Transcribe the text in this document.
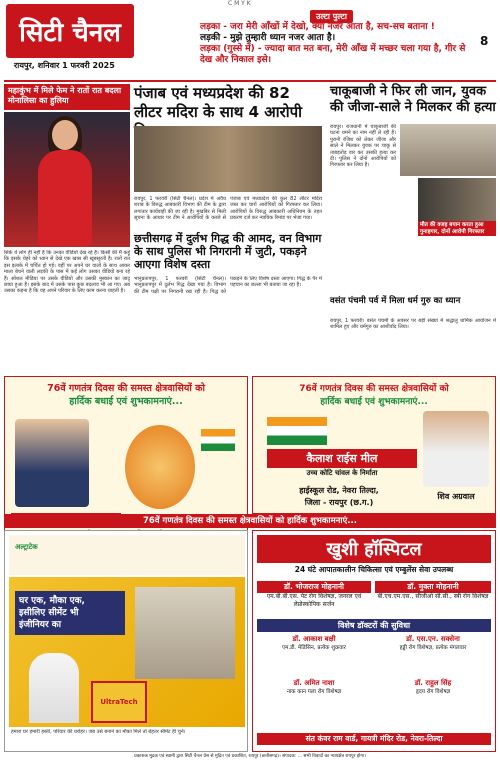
C M Y K
सिटी चैनल
रायपुर, शनिवार 1 फरवरी 2025
उल्टा पुल्टा
लड़का - जरा मेरी आँखों में देखो, क्या नजर आता है, सच-सच बताना !
लड़की - मुझे तुम्हारी ध्यान नजर आता है।
लड़का (गुस्से में) - ज्यादा बात मत बना, मेरी आँख में मच्छर चला गया है, गीर से देख और निकाल इसे।
8
महाकुंभ में मिले फेम ने रातों रात बदला मोनालिसा का हुलिया
सिर्फ़ ये लोग ही नहीं है कि उनका वीडियो देख रहे हैं। किसी की मैं कहूं कि इसके चेहरे को ध्यान से देखे एक खास सी खूबसूरती है। रातों रात इस इलाके में चर्चित हो गई। वहीं पर अपने घर वालों के साथ आकर माला बेचने वाली लड़की के पास में कई लोग उसका वीडियो बना रहे हैं। सोशल मीडिया पर उसके वीडियो और उसकी मुस्कान का जादू छाया हुआ है। इसके बाद में उसके पास कुछ बदलाव भी आ गए। अब उसका कहना है कि वह अपने परिवार के लिए काम करना चाहती है।
पंजाब एवं मध्यप्रदेश की 82 लीटर मदिरा के साथ 4 आरोपी
रायपुर, 1 फरवरी (सिटी चैनल)। प्रदेश में अवैध शराब के विरुद्ध आबकारी विभाग की टीम के द्वारा लगातार कार्यवाही की जा रही है। मुखबिर से मिली सूचना के आधार पर टीम ने आरोपियों के कब्जे से पंजाब एवं मध्यप्रदेश की कुल 82 लीटर मदिरा जब्त कर चारों आरोपियों को गिरफ्तार कर लिया। आरोपियों के विरुद्ध आबकारी अधिनियम के तहत प्रकरण दर्ज कर न्यायिक रिमांड पर भेजा गया।
छत्तीसगढ़ में दुर्लभ गिद्ध की आमद, वन विभाग के साथ पुलिस भी निगरानी में जुटी, पकड़ने आएगा विशेष दस्ता
भानुप्रतापपुर, 1 फरवरी (सिटी चैनल)। भानुप्रतापपुर में दुर्लभ गिद्ध देखा गया है। विभाग की टीम पक्षी पर निगरानी रख रही है। गिद्ध को पकड़ने के लिए विशेष दस्ता आएगा। गिद्ध के पैर में पहचान का छल्ला भी बताया जा रहा है।
चाकूबाजी ने फिर ली जान, युवक की जीजा-साले ने मिलकर की हत्या
मौत की वजह बयान करता हुआ गुनाहगार, दोनों आरोपी गिरफ्तार
रायपुर। राजधानी में चाकूबाजी की घटना थमने का नाम नहीं ले रही है। पुरानी रंजिश को लेकर जीजा और साले ने मिलकर युवक पर चाकू से ताबड़तोड़ वार कर उसकी हत्या कर दी। पुलिस ने दोनों आरोपियों को गिरफ्तार कर लिया है।
वसंत पंचमी पर्व में मिला धर्म गुरु का ध्यान
रायपुर, 1 फरवरी। वसंत पंचमी के अवसर पर बड़ी संख्या में श्रद्धालु धार्मिक आयोजन में शामिल हुए और धर्मगुरु का आशीर्वाद लिया।
76वें गणतंत्र दिवस की समस्त क्षेत्रवासियों को
हार्दिक बधाई एवं शुभकामनाएं...
76वें गणतंत्र दिवस की समस्त क्षेत्रवासियों को
हार्दिक बधाई एवं शुभकामनाएं...
कैलाश राईस मील
उच्च कोटि चांवल के निर्माता
हाईस्कूल रोड, नेवरा तिल्दा,
जिला - रायपुर (छ.ग.)
शिव अग्रवाल
76वें गणतंत्र दिवस की समस्त क्षेत्रवासियों को हार्दिक शुभकामनाएं...
अल्ट्राटेक
घर एक, मौका एक,
इसीलिए सीमेंट भी
इंजीनियर का
UltraTech
हमारा घर हमारी हस्ती, परिवार की धरोहर। जब उसे बनाने का मौका मिले तो बेहतर सीमेंट ही चुनें।
खुशी हॉस्पिटल
24 घंटे आपातकालीन चिकित्सा एवं एम्बुलेंस सेवा उपलब्ध
डॉ. भोजराज मोहनानी
एम.बी.बी.एस. पेट रोग विशेषज्ञ, जनरल एवं लेप्रोस्कोपिक सर्जन
डॉ. मुक्ता मोहनानी
बी.एच.एम.एस., सीजीओ सी.सी., स्त्री रोग विशेषज्ञ
विशेष डॉक्टरों की सुविधा
डॉ. आकाश बक्षी
एम.डी. मेडिसिन, प्रत्येक शुक्रवार
डॉ. एस.एन. सक्सेना
हड्डी रोग विशेषज्ञ, प्रत्येक मंगलवार
डॉ. अमित नाशा
नाक कान गला रोग विशेषज्ञ
डॉ. राहुल सिंह
हृदय रोग विशेषज्ञ
संत कंवर राम वार्ड, गायत्री मंदिर रोड, नेवरा-तिल्दा
प्रकाशक मुद्रक एवं स्वामी द्वारा सिटी चैनल प्रेस से मुद्रित एवं प्रकाशित, रायपुर (छत्तीसगढ़)। संपादक: ... सभी विवादों का न्यायक्षेत्र रायपुर होगा।
